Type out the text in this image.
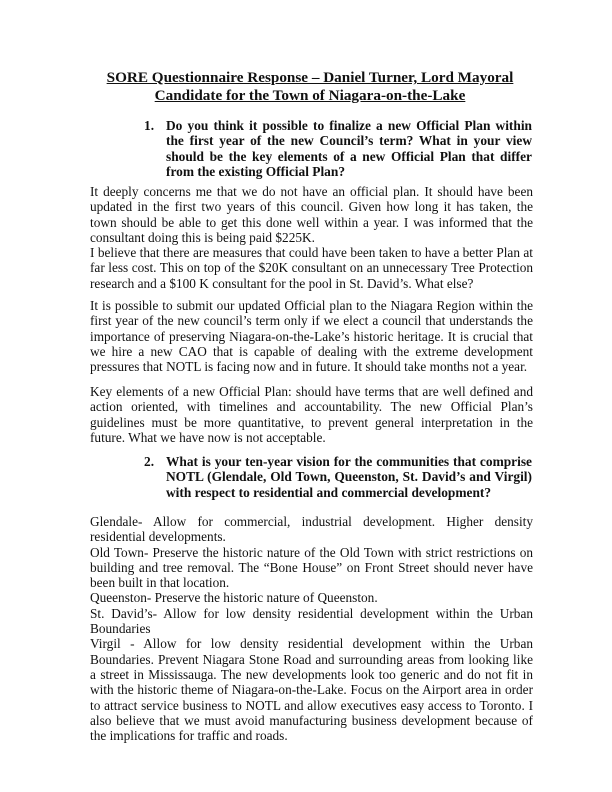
SORE Questionnaire Response – Daniel Turner, Lord Mayoral
Candidate for the Town of Niagara-on-the-Lake
1. Do you think it possible to finalize a new Official Plan within the first year of the new Council’s term? What in your view should be the key elements of a new Official Plan that differ from the existing Official Plan?

It deeply concerns me that we do not have an official plan. It should have been updated in the first two years of this council. Given how long it has taken, the town should be able to get this done well within a year. I was informed that the consultant doing this is being paid $225K.

I believe that there are measures that could have been taken to have a better Plan at far less cost. This on top of the $20K consultant on an unnecessary Tree Protection research and a $100 K consultant for the pool in St. David’s. What else?

It is possible to submit our updated Official plan to the Niagara Region within the first year of the new council’s term only if we elect a council that understands the importance of preserving Niagara-on-the-Lake’s historic heritage. It is crucial that we hire a new CAO that is capable of dealing with the extreme development pressures that NOTL is facing now and in future. It should take months not a year.

Key elements of a new Official Plan: should have terms that are well defined and action oriented, with timelines and accountability. The new Official Plan’s guidelines must be more quantitative, to prevent general interpretation in the future. What we have now is not acceptable.

2. What is your ten-year vision for the communities that comprise NOTL (Glendale, Old Town, Queenston, St. David’s and Virgil) with respect to residential and commercial development?

Glendale- Allow for commercial, industrial development. Higher density residential developments.

Old Town- Preserve the historic nature of the Old Town with strict restrictions on building and tree removal. The “Bone House” on Front Street should never have been built in that location.

Queenston- Preserve the historic nature of Queenston.

St. David’s- Allow for low density residential development within the Urban Boundaries

Virgil - Allow for low density residential development within the Urban Boundaries. Prevent Niagara Stone Road and surrounding areas from looking like a street in Mississauga. The new developments look too generic and do not fit in with the historic theme of Niagara-on-the-Lake. Focus on the Airport area in order to attract service business to NOTL and allow executives easy access to Toronto. I also believe that we must avoid manufacturing business development because of the implications for traffic and roads.
